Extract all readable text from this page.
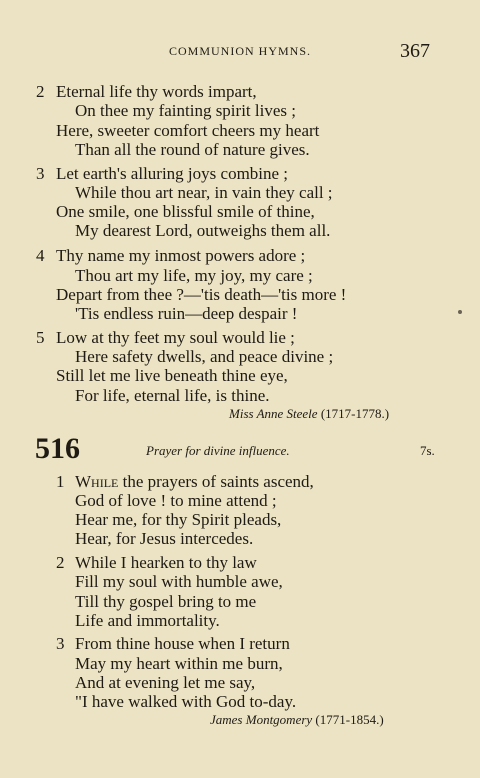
COMMUNION HYMNS.	367
2 Eternal life thy words impart,
On thee my fainting spirit lives ;
Here, sweeter comfort cheers my heart
Than all the round of nature gives.
3 Let earth's alluring joys combine ;
While thou art near, in vain they call ;
One smile, one blissful smile of thine,
My dearest Lord, outweighs them all.
4 Thy name my inmost powers adore ;
Thou art my life, my joy, my care ;
Depart from thee ?—'tis death—'tis more !
'Tis endless ruin—deep despair !
5 Low at thy feet my soul would lie ;
Here safety dwells, and peace divine ;
Still let me live beneath thine eye,
For life, eternal life, is thine.
Miss Anne Steele (1717-1778.)
516	Prayer for divine influence.	7s.
1 While the prayers of saints ascend,
God of love ! to mine attend ;
Hear me, for thy Spirit pleads,
Hear, for Jesus intercedes.
2 While I hearken to thy law
Fill my soul with humble awe,
Till thy gospel bring to me
Life and immortality.
3 From thine house when I return
May my heart within me burn,
And at evening let me say,
"I have walked with God to-day.
James Montgomery (1771-1854.)
